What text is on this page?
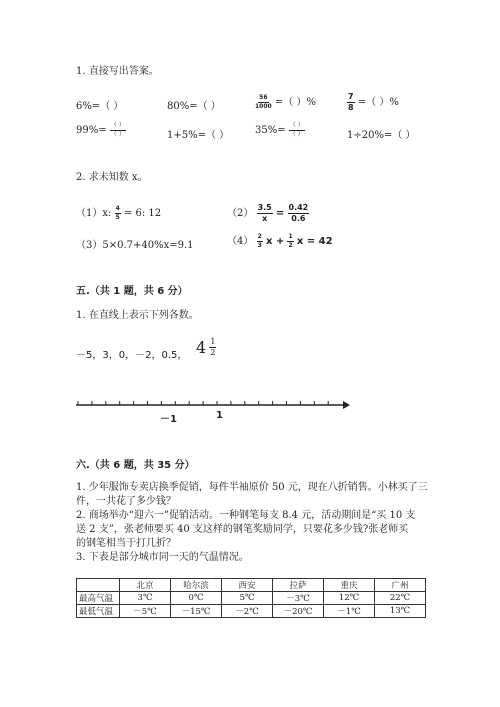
1. 直接写出答案。
6%=（ ）	80%=（ ）	$\frac{56}{1000}$ =（ ）%	$\frac{7}{8}$ =（ ）%
$99\%= \frac{( )}{( )}$	1+5%=（ ）	$35\%= \frac{( )}{( )}$	1÷20%=（ ）
2. 求未知数 x。
（1）x: $\frac{4}{5} = 6$: 12	$(2) \frac{3.5}{x} = \frac{0.42}{0.6}$
（3）5×0.7+40%x=9.1	$(4) \frac{2}{3}$ $x + \frac{1}{2}$ x = 42
五.（共 1 题，共 6 分）
1. 在直线上表示下列各数。
－5，3，0，－2，0.5， $4 \frac{1}{2}$
－1	1
六.（共 6 题，共 35 分）
1. 少年服饰专卖店换季促销，每件半袖原价 50 元，现在八折销售。小林买了三
件，一共花了多少钱？
2. 商场举办“迎六一”促销活动。一种钢笔每支 8.4 元，活动期间是“买 10 支
送 2 支”，张老师要买 40 支这样的钢笔奖励同学，只要花多少钱?张老师买
的钢笔相当于打几折？
3. 下表是部分城市同一天的气温情况。
	北京	哈尔滨	西安	拉萨	重庆	广州
最高气温	3℃	0℃	5℃	－3℃	12℃	22℃
最低气温	－5℃	－15℃	－2℃	－20℃	－1℃	13℃
